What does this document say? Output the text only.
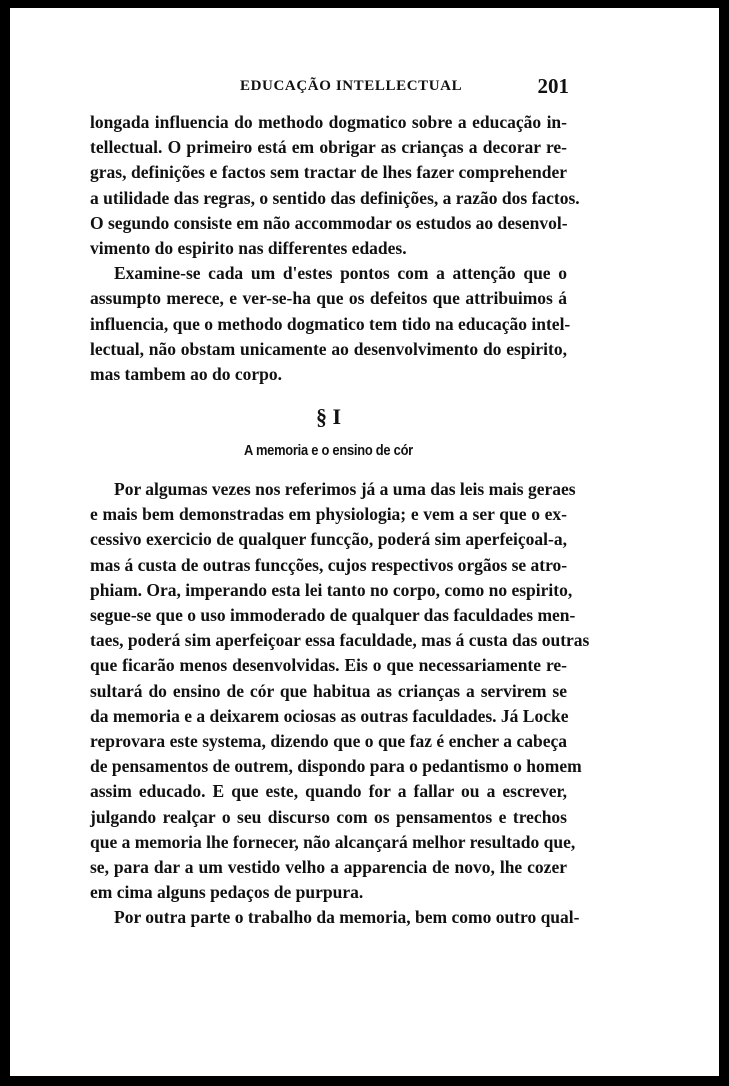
EDUCAÇÃO INTELLECTUAL	201
longada influencia do methodo dogmatico sobre a educação in-
tellectual. O primeiro está em obrigar as crianças a decorar re-
gras, definições e factos sem tractar de lhes fazer comprehender
a utilidade das regras, o sentido das definições, a razão dos factos.
O segundo consiste em não accommodar os estudos ao desenvol-
vimento do espirito nas differentes edades.
Examine-se cada um d'estes pontos com a attenção que o
assumpto merece, e ver-se-ha que os defeitos que attribuimos á
influencia, que o methodo dogmatico tem tido na educação intel-
lectual, não obstam unicamente ao desenvolvimento do espirito,
mas tambem ao do corpo.
§ I
A memoria e o ensino de cór
Por algumas vezes nos referimos já a uma das leis mais geraes
e mais bem demonstradas em physiologia; e vem a ser que o ex-
cessivo exercicio de qualquer funcção, poderá sim aperfeiçoal-a,
mas á custa de outras funcções, cujos respectivos orgãos se atro-
phiam. Ora, imperando esta lei tanto no corpo, como no espirito,
segue-se que o uso immoderado de qualquer das faculdades men-
taes, poderá sim aperfeiçoar essa faculdade, mas á custa das outras
que ficarão menos desenvolvidas. Eis o que necessariamente re-
sultará do ensino de cór que habitua as crianças a servirem se
da memoria e a deixarem ociosas as outras faculdades. Já Locke
reprovara este systema, dizendo que o que faz é encher a cabeça
de pensamentos de outrem, dispondo para o pedantismo o homem
assim educado. E que este, quando for a fallar ou a escrever,
julgando realçar o seu discurso com os pensamentos e trechos
que a memoria lhe fornecer, não alcançará melhor resultado que,
se, para dar a um vestido velho a apparencia de novo, lhe cozer
em cima alguns pedaços de purpura.
Por outra parte o trabalho da memoria, bem como outro qual-
